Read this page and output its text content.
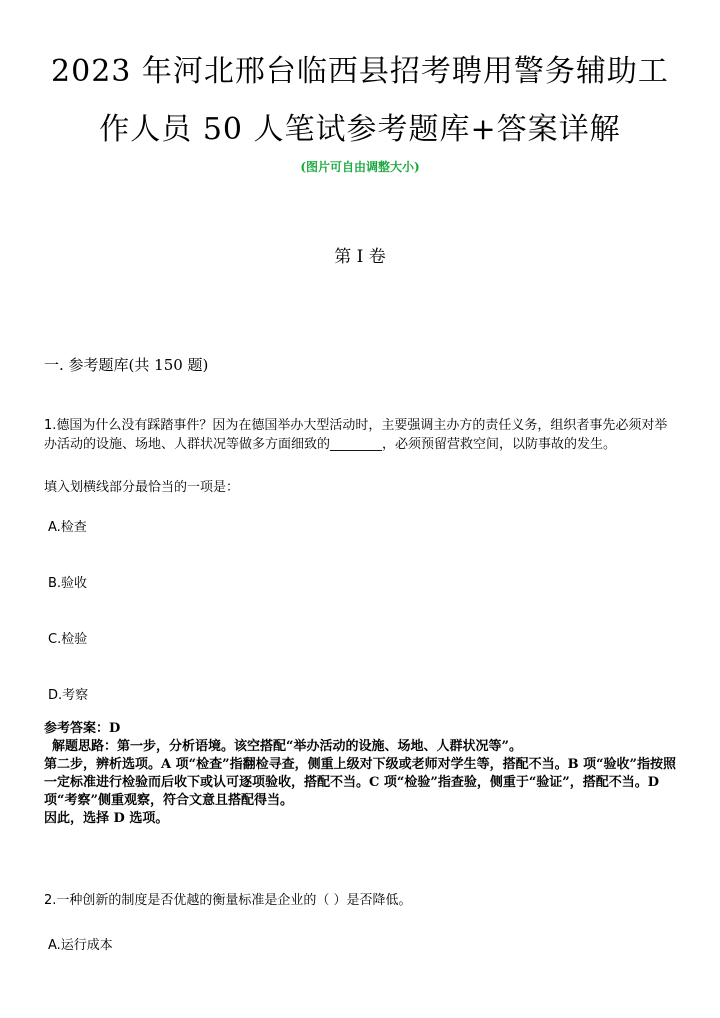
2023 年河北邢台临西县招考聘用警务辅助工
作人员 50 人笔试参考题库+答案详解
(图片可自由调整大小)
第 I 卷
一. 参考题库(共 150 题)
1.德国为什么没有踩踏事件？因为在德国举办大型活动时，主要强调主办方的责任义务，组织者事先必须对举办活动的设施、场地、人群状况等做多方面细致的________，必须预留营救空间，以防事故的发生。
填入划横线部分最恰当的一项是：
A.检查
B.验收
C.检验
D.考察
参考答案：D
解题思路：第一步，分析语境。该空搭配“举办活动的设施、场地、人群状况等”。
第二步，辨析选项。A 项“检查”指翻检寻查，侧重上级对下级或老师对学生等，搭配不当。B 项“验收”指按照一定标准进行检验而后收下或认可逐项验收，搭配不当。C 项“检验”指查验，侧重于“验证”，搭配不当。D 项“考察”侧重观察，符合文意且搭配得当。
因此，选择 D 选项。
2.一种创新的制度是否优越的衡量标准是企业的（ ）是否降低。
A.运行成本
